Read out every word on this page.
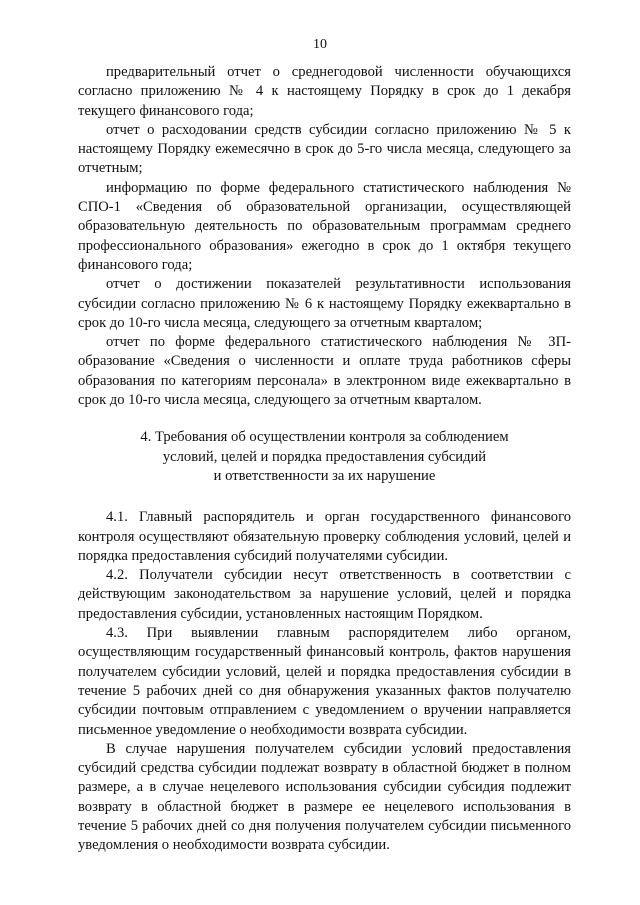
10

предварительный отчет о среднегодовой численности обучающихся согласно приложению № 4 к настоящему Порядку в срок до 1 декабря текущего финансового года;

отчет о расходовании средств субсидии согласно приложению № 5 к настоящему Порядку ежемесячно в срок до 5-го числа месяца, следующего за отчетным;

информацию по форме федерального статистического наблюдения № СПО-1 «Сведения об образовательной организации, осуществляющей образовательную деятельность по образовательным программам среднего профессионального образования» ежегодно в срок до 1 октября текущего финансового года;

отчет о достижении показателей результативности использования субсидии согласно приложению № 6 к настоящему Порядку ежеквартально в срок до 10-го числа месяца, следующего за отчетным кварталом;

отчет по форме федерального статистического наблюдения № ЗП-образование «Сведения о численности и оплате труда работников сферы образования по категориям персонала» в электронном виде ежеквартально в срок до 10-го числа месяца, следующего за отчетным кварталом.

4. Требования об осуществлении контроля за соблюдением
условий, целей и порядка предоставления субсидий
и ответственности за их нарушение

4.1. Главный распорядитель и орган государственного финансового контроля осуществляют обязательную проверку соблюдения условий, целей и порядка предоставления субсидий получателями субсидии.

4.2. Получатели субсидии несут ответственность в соответствии с действующим законодательством за нарушение условий, целей и порядка предоставления субсидии, установленных настоящим Порядком.

4.3. При выявлении главным распорядителем либо органом, осуществляющим государственный финансовый контроль, фактов нарушения получателем субсидии условий, целей и порядка предоставления субсидии в течение 5 рабочих дней со дня обнаружения указанных фактов получателю субсидии почтовым отправлением с уведомлением о вручении направляется письменное уведомление о необходимости возврата субсидии.

В случае нарушения получателем субсидии условий предоставления субсидий средства субсидии подлежат возврату в областной бюджет в полном размере, а в случае нецелевого использования субсидии субсидия подлежит возврату в областной бюджет в размере ее нецелевого использования в течение 5 рабочих дней со дня получения получателем субсидии письменного уведомления о необходимости возврата субсидии.
